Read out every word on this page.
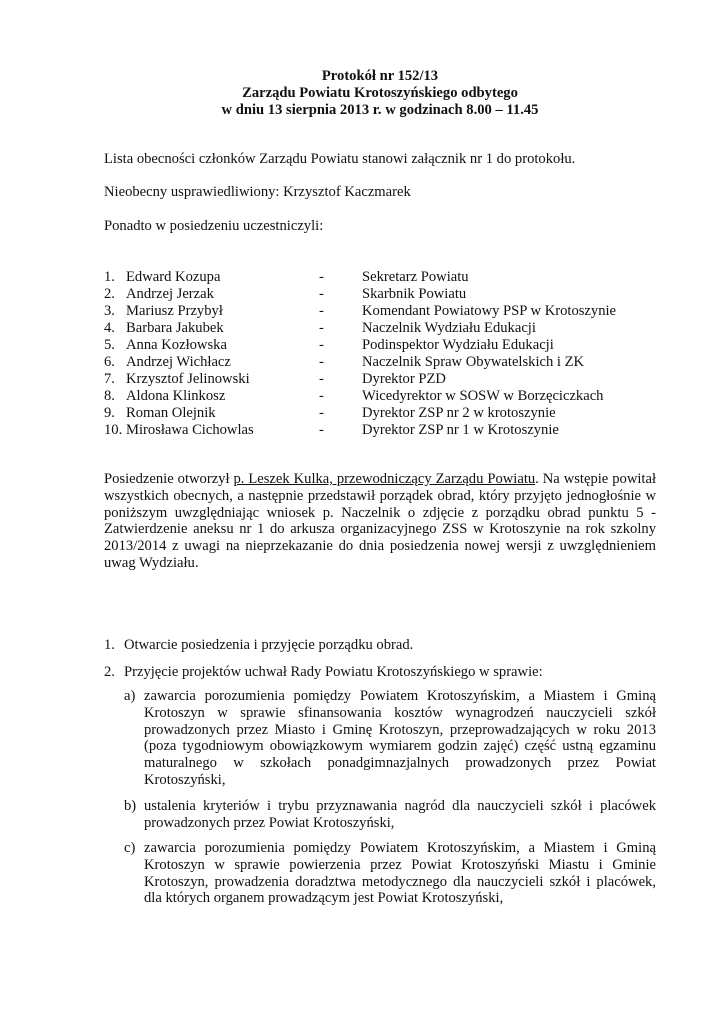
Protokół nr 152/13
Zarządu Powiatu Krotoszyńskiego odbytego
w dniu 13 sierpnia 2013 r. w godzinach 8.00 – 11.45
Lista obecności członków Zarządu Powiatu stanowi załącznik nr 1 do protokołu.
Nieobecny usprawiedliwiony: Krzysztof Kaczmarek
Ponadto w posiedzeniu uczestniczyli:
1. Edward Kozupa	-	Sekretarz Powiatu
2. Andrzej Jerzak	-	Skarbnik Powiatu
3. Mariusz Przybył	-	Komendant Powiatowy PSP w Krotoszynie
4. Barbara Jakubek	-	Naczelnik Wydziału Edukacji
5. Anna Kozłowska	-	Podinspektor Wydziału Edukacji
6. Andrzej Wichłacz	-	Naczelnik Spraw Obywatelskich i ZK
7. Krzysztof Jelinowski	-	Dyrektor PZD
8. Aldona Klinkosz	-	Wicedyrektor w SOSW w Borzęciczkach
9. Roman Olejnik	-	Dyrektor ZSP nr 2 w krotoszynie
10. Mirosława Cichowlas	-	Dyrektor ZSP nr 1 w Krotoszynie
Posiedzenie otworzył p. Leszek Kulka, przewodniczący Zarządu Powiatu. Na wstępie powitał wszystkich obecnych, a następnie przedstawił porządek obrad, który przyjęto jednogłośnie w poniższym uwzględniając wniosek p. Naczelnik o zdjęcie z porządku obrad punktu 5 - Zatwierdzenie aneksu nr 1 do arkusza organizacyjnego ZSS w Krotoszynie na rok szkolny 2013/2014 z uwagi na nieprzekazanie do dnia posiedzenia nowej wersji z uwzględnieniem uwag Wydziału.
1. Otwarcie posiedzenia i przyjęcie porządku obrad.
2. Przyjęcie projektów uchwał Rady Powiatu Krotoszyńskiego w sprawie:
a) zawarcia porozumienia pomiędzy Powiatem Krotoszyńskim, a Miastem i Gminą Krotoszyn w sprawie sfinansowania kosztów wynagrodzeń nauczycieli szkół prowadzonych przez Miasto i Gminę Krotoszyn, przeprowadzających w roku 2013 (poza tygodniowym obowiązkowym wymiarem godzin zajęć) część ustną egzaminu maturalnego w szkołach ponadgimnazjalnych prowadzonych przez Powiat Krotoszyński,
b) ustalenia kryteriów i trybu przyznawania nagród dla nauczycieli szkół i placówek prowadzonych przez Powiat Krotoszyński,
c) zawarcia porozumienia pomiędzy Powiatem Krotoszyńskim, a Miastem i Gminą Krotoszyn w sprawie powierzenia przez Powiat Krotoszyński Miastu i Gminie Krotoszyn, prowadzenia doradztwa metodycznego dla nauczycieli szkół i placówek, dla których organem prowadzącym jest Powiat Krotoszyński,
